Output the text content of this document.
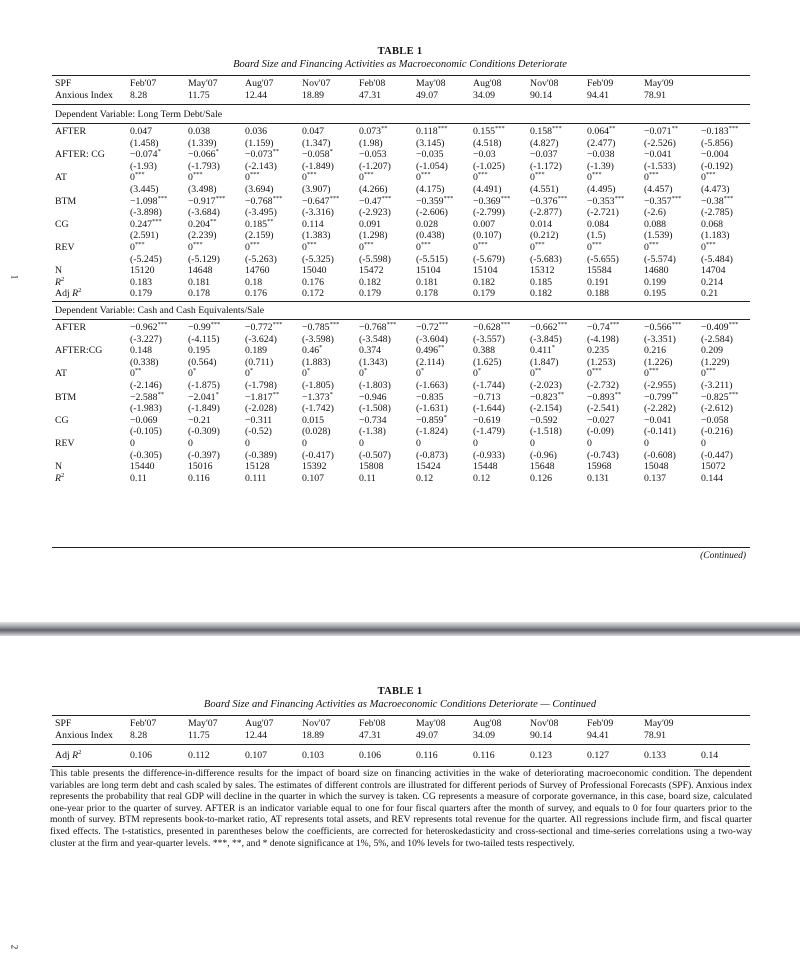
1
TABLE 1
Board Size and Financing Activities as Macroeconomic Conditions Deteriorate
SPF	Feb'07	May'07	Aug'07	Nov'07	Feb'08	May'08	Aug'08	Nov'08	Feb'09	May'09
Anxious Index 8.28	11.75	12.44	18.89	47.31	49.07	34.09	90.14	94.41	78.91
Dependent Variable: Long Term Debt/Sale
AFTER	0.047	0.038	0.036	0.047	0.073**	0.118***	0.155***	0.158***	0.064**	−0.071** −0.183***
(1.458)	(1.339)	(1.159)	(1.347)	(1.98)	(3.145)	(4.518)	(4.827)	(2.477)	(-2.526)	(-5.856)
AFTER: CG	−0.074*	−0.066*	−0.073** −0.058*	−0.053	−0.035	−0.03	−0.037	−0.038	−0.041	−0.004
(-1.93)	(-1.793)	(-2.143)	(-1.849)	(-1.207)	(-1.054)	(-1.025)	(-1.172)	(-1.39)	(-1.533)	(-0.192)
AT	0***	0***	0***	0***	0***	0***	0***	0***	0***	0***	0***
(3.445)	(3.498)	(3.694)	(3.907)	(4.266)	(4.175)	(4.491)	(4.551)	(4.495)	(4.457)	(4.473)
BTM	−1.098*** −0.917*** −0.768*** −0.647*** −0.47***	−0.359*** −0.369*** −0.376*** −0.353*** −0.357*** −0.38***
(-3.898)	(-3.684)	(-3.495)	(-3.316)	(-2.923)	(-2.606)	(-2.799)	(-2.877)	(-2.721)	(-2.6)	(-2.785)
CG	0.247***	0.204**	0.185**	0.114	0.091	0.028	0.007	0.014	0.084	0.088	0.068
(2.591)	(2.239)	(2.159)	(1.383)	(1.298)	(0.438)	(0.107)	(0.212)	(1.5)	(1.539)	(1.183)
REV	0***	0***	0***	0***	0***	0***	0***	0***	0***	0***	0***
(-5.245)	(-5.129)	(-5.263)	(-5.325)	(-5.598)	(-5.515)	(-5.679)	(-5.683)	(-5.655)	(-5.574)	(-5.484)
N	15120	14648	14760	15040	15472	15104	15104	15312	15584	14680	14704
$R^2$	0.183	0.181	0.18	0.176	0.182	0.181	0.182	0.185	0.191	0.199	0.214
Adj $R^2$	0.179	0.178	0.176	0.172	0.179	0.178	0.179	0.182	0.188	0.195	0.21
Dependent Variable: Cash and Cash Equivalents/Sale
AFTER	−0.962*** −0.99***	−0.772*** −0.785*** −0.768*** −0.72***	−0.628*** −0.662*** −0.74***	−0.566*** −0.409***
(-3.227)	(-4.115)	(-3.624)	(-3.598)	(-3.548)	(-3.604)	(-3.557)	(-3.845)	(-4.198)	(-3.351)	(-2.584)
AFTER:CG	0.148	0.195	0.189	0.46*	0.374	0.496**	0.388	0.411*	0.235	0.216	0.209
(0.338)	(0.564)	(0.711)	(1.883)	(1.343)	(2.114)	(1.625)	(1.847)	(1.253)	(1.226)	(1.229)
AT	0**	0*	0*	0*	0*	0*	0*	0**	0***	0***	0***
(-2.146)	(-1.875)	(-1.798)	(-1.805)	(-1.803)	(-1.663)	(-1.744)	(-2.023)	(-2.732)	(-2.955)	(-3.211)
BTM	−2.588** −2.041*	−1.817** −1.373*	−0.946	−0.835	−0.713	−0.823** −0.893** −0.799** −0.825***
(-1.983)	(-1.849)	(-2.028)	(-1.742)	(-1.508)	(-1.631)	(-1.644)	(-2.154)	(-2.541)	(-2.282)	(-2.612)
CG	−0.069	−0.21	−0.311	0.015	−0.734	−0.859*	−0.619	−0.592	−0.027	−0.041	−0.058
(-0.105)	(-0.309)	(-0.52)	(0.028)	(-1.38)	(-1.824)	(-1.479)	(-1.518)	(-0.09)	(-0.141)	(-0.216)
REV	0	0	0	0	0	0	0	0	0	0	0
(-0.305)	(-0.397)	(-0.389)	(-0.417)	(-0.507)	(-0.873)	(-0.933)	(-0.96)	(-0.743)	(-0.608)	(-0.447)
N	15440	15016	15128	15392	15808	15424	15448	15648	15968	15048	15072
$R^2$	0.11	0.116	0.111	0.107	0.11	0.12	0.12	0.126	0.131	0.137	0.144
(Continued)
2
TABLE 1
Board Size and Financing Activities as Macroeconomic Conditions Deteriorate — Continued
SPF	Feb'07	May'07	Aug'07	Nov'07	Feb'08	May'08	Aug'08	Nov'08	Feb'09	May'09
Anxious Index 8.28	11.75	12.44	18.89	47.31	49.07	34.09	90.14	94.41	78.91
Adj $R^2$	0.106	0.112	0.107	0.103	0.106	0.116	0.116	0.123	0.127	0.133	0.14
This table presents the difference-in-difference results for the impact of board size on financing activities in the wake of deteriorating macroeconomic condition. The dependent variables are long term debt and cash scaled by sales. The estimates of different controls are illustrated for different periods of Survey of Professional Forecasts (SPF). Anxious index represents the probability that real GDP will decline in the quarter in which the survey is taken. CG represents a measure of corporate governance, in this case, board size, calculated one-year prior to the quarter of survey. AFTER is an indicator variable equal to one for four fiscal quarters after the month of survey, and equals to 0 for four quarters prior to the month of survey. BTM represents book-to-market ratio, AT represents total assets, and REV represents total revenue for the quarter. All regressions include firm, and fiscal quarter fixed effects. The t-statistics, presented in parentheses below the coefficients, are corrected for heteroskedasticity and cross-sectional and time-series correlations using a two-way cluster at the firm and year-quarter levels. ***, **, and * denote significance at 1%, 5%, and 10% levels for two-tailed tests respectively.
